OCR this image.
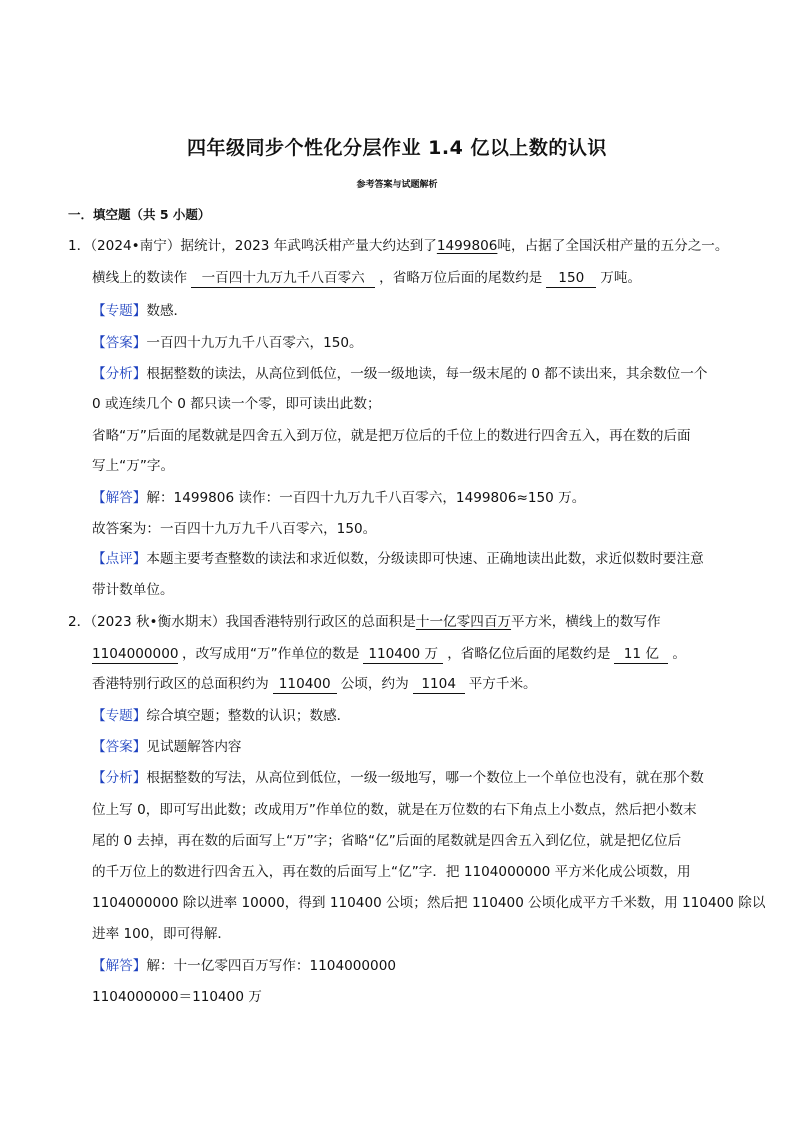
四年级同步个性化分层作业 1.4 亿以上数的认识
参考答案与试题解析
一．填空题（共 5 小题）
1．（2024•南宁）据统计，2023 年武鸣沃柑产量大约达到了1499806吨，占据了全国沃柑产量的五分之一。
横线上的数读作 一百四十九万九千八百零六 ，省略万位后面的尾数约是 150 万吨。
【专题】数感．
【答案】一百四十九万九千八百零六，150。
【分析】根据整数的读法，从高位到低位，一级一级地读，每一级末尾的 0 都不读出来，其余数位一个
0 或连续几个 0 都只读一个零，即可读出此数；
省略“万”后面的尾数就是四舍五入到万位，就是把万位后的千位上的数进行四舍五入，再在数的后面
写上“万”字。
【解答】解：1499806 读作：一百四十九万九千八百零六，1499806≈150 万。
故答案为：一百四十九万九千八百零六，150。
【点评】本题主要考查整数的读法和求近似数，分级读即可快速、正确地读出此数，求近似数时要注意
带计数单位。
2．（2023 秋•衡水期末）我国香港特别行政区的总面积是十一亿零四百万平方米，横线上的数写作
1104000000 ，改写成用“万”作单位的数是 110400 万 ，省略亿位后面的尾数约是 11 亿 。
香港特别行政区的总面积约为 110400 公顷，约为 1104 平方千米。
【专题】综合填空题；整数的认识；数感．
【答案】见试题解答内容
【分析】根据整数的写法，从高位到低位，一级一级地写，哪一个数位上一个单位也没有，就在那个数
位上写 0，即可写出此数；改成用万”作单位的数，就是在万位数的右下角点上小数点，然后把小数末
尾的 0 去掉，再在数的后面写上“万”字；省略“亿”后面的尾数就是四舍五入到亿位，就是把亿位后
的千万位上的数进行四舍五入，再在数的后面写上“亿”字．把 1104000000 平方米化成公顷数，用
1104000000 除以进率 10000，得到 110400 公顷；然后把 110400 公顷化成平方千米数，用 110400 除以
进率 100，即可得解．
【解答】解：十一亿零四百万写作：1104000000
1104000000＝110400 万
